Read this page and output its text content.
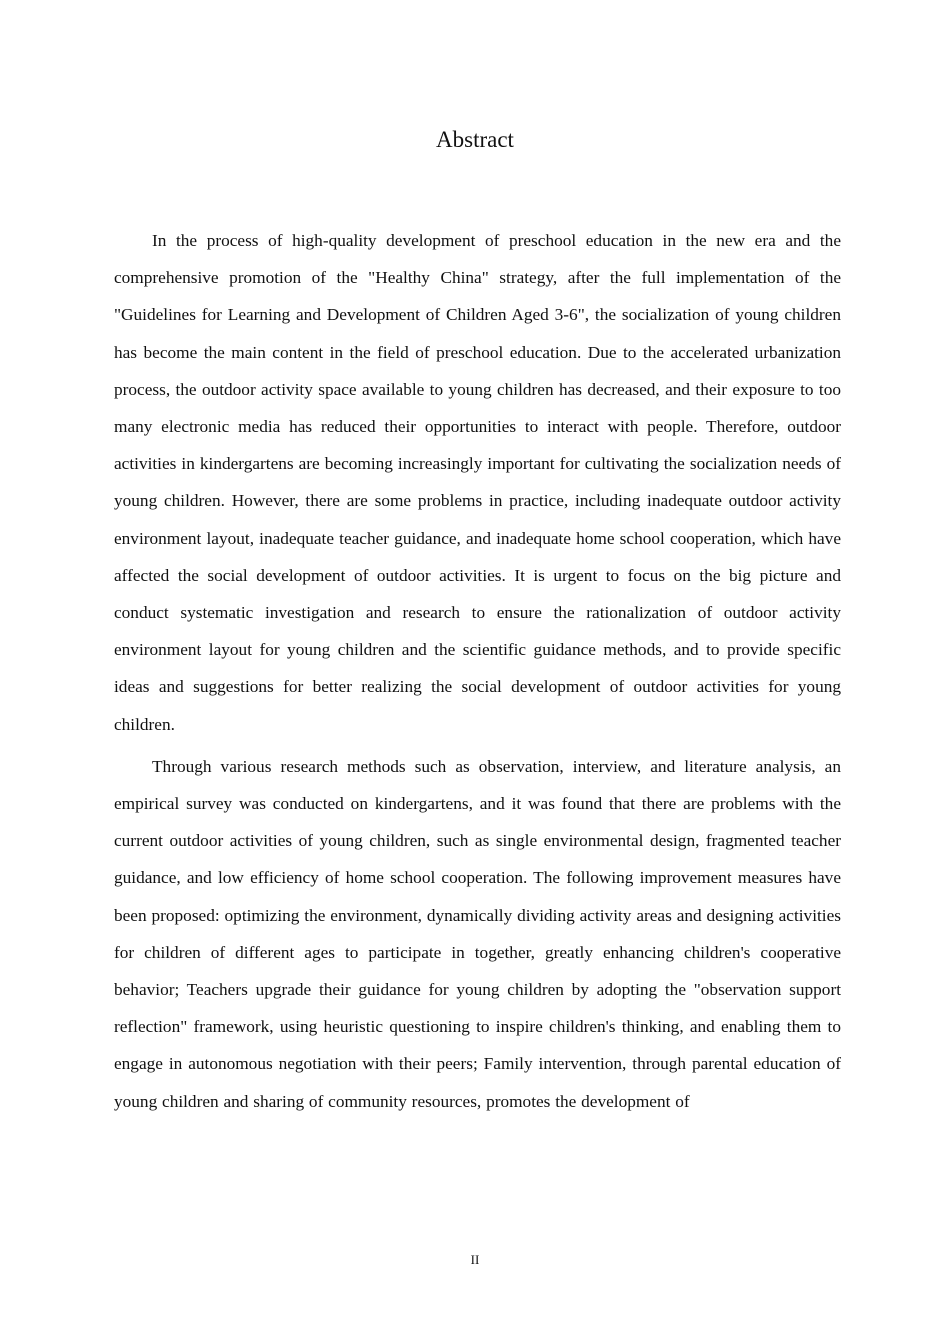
Abstract

In the process of high-quality development of preschool education in the new era and the comprehensive promotion of the "Healthy China" strategy, after the full implementation of the "Guidelines for Learning and Development of Children Aged 3-6", the socialization of young children has become the main content in the field of preschool education. Due to the accelerated urbanization process, the outdoor activity space available to young children has decreased, and their exposure to too many electronic media has reduced their opportunities to interact with people. Therefore, outdoor activities in kindergartens are becoming increasingly important for cultivating the socialization needs of young children. However, there are some problems in practice, including inadequate outdoor activity environment layout, inadequate teacher guidance, and inadequate home school cooperation, which have affected the social development of outdoor activities. It is urgent to focus on the big picture and conduct systematic investigation and research to ensure the rationalization of outdoor activity environment layout for young children and the scientific guidance methods, and to provide specific ideas and suggestions for better realizing the social development of outdoor activities for young children.

Through various research methods such as observation, interview, and literature analysis, an empirical survey was conducted on kindergartens, and it was found that there are problems with the current outdoor activities of young children, such as single environmental design, fragmented teacher guidance, and low efficiency of home school cooperation. The following improvement measures have been proposed: optimizing the environment, dynamically dividing activity areas and designing activities for children of different ages to participate in together, greatly enhancing children's cooperative behavior; Teachers upgrade their guidance for young children by adopting the "observation support reflection" framework, using heuristic questioning to inspire children's thinking, and enabling them to engage in autonomous negotiation with their peers; Family intervention, through parental education of young children and sharing of community resources, promotes the development of

II
